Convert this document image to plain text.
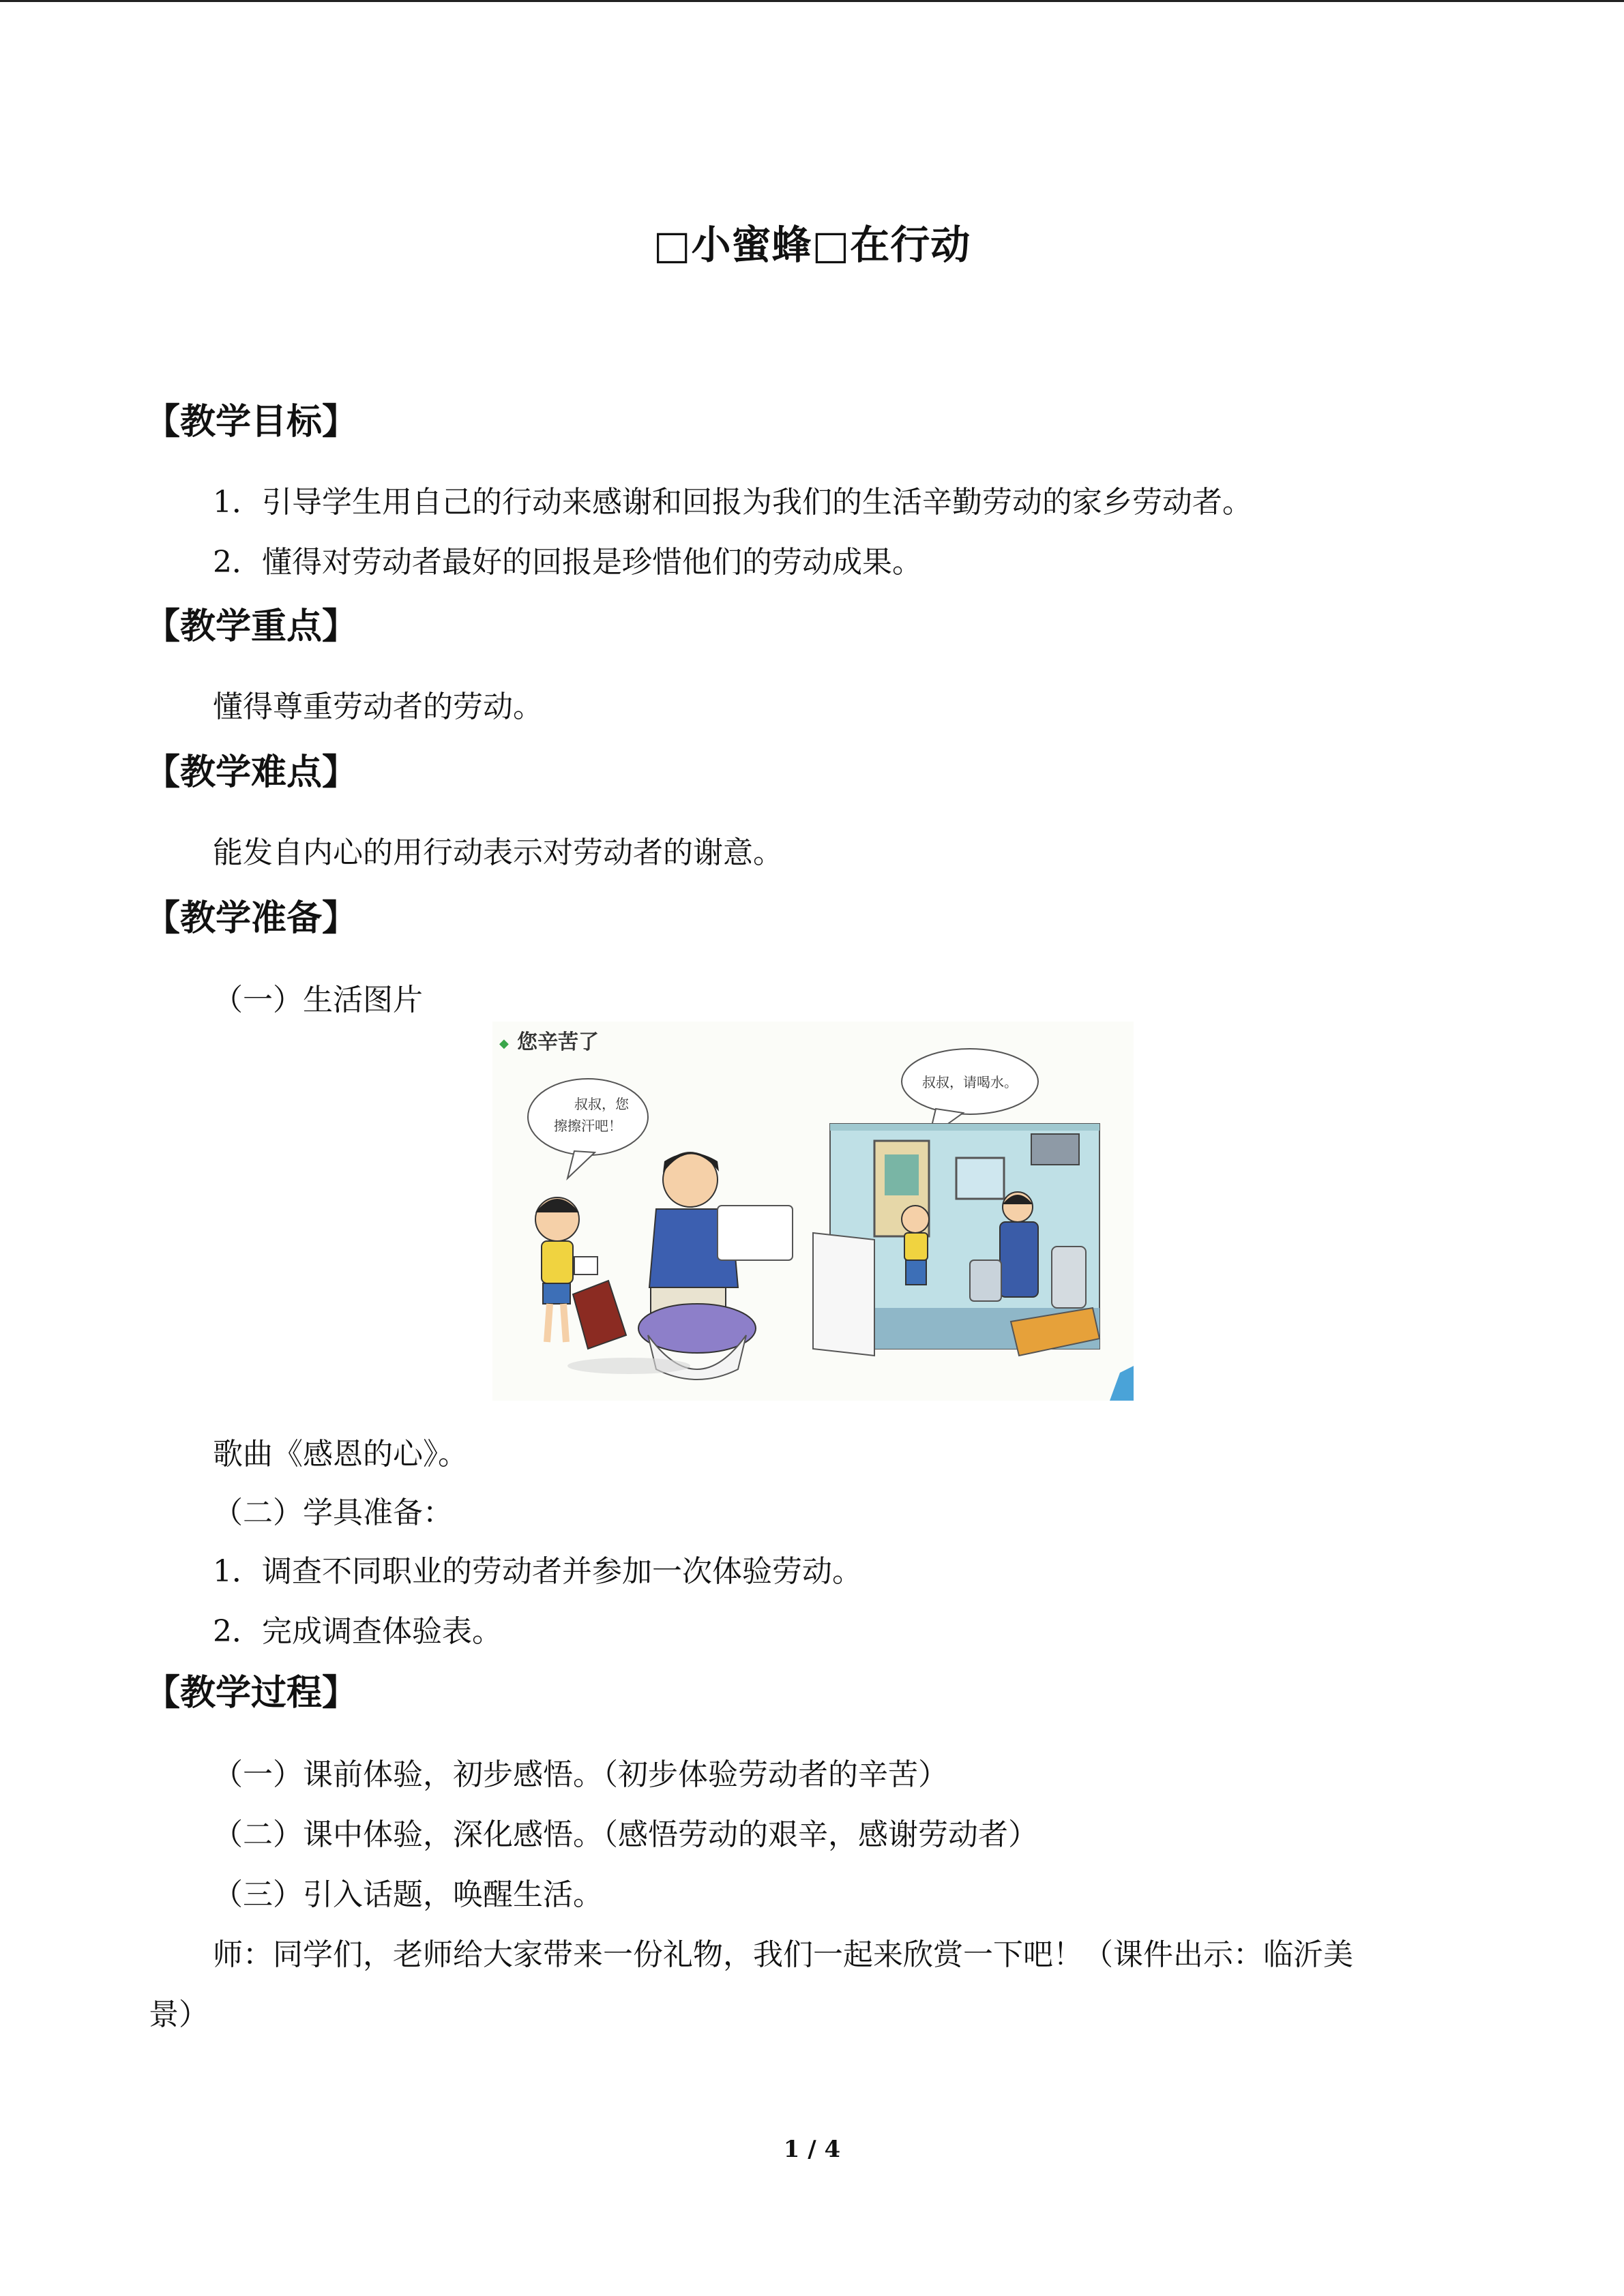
□小蜜蜂□在行动
【教学目标】
1．引导学生用自己的行动来感谢和回报为我们的生活辛勤劳动的家乡劳动者。
2．懂得对劳动者最好的回报是珍惜他们的劳动成果。
【教学重点】
懂得尊重劳动者的劳动。
【教学难点】
能发自内心的用行动表示对劳动者的谢意。
【教学准备】
（一）生活图片
◆ 您辛苦了
叔叔，您
擦擦汗吧！
叔叔，请喝水。
歌曲《感恩的心》。
（二）学具准备：
1．调查不同职业的劳动者并参加一次体验劳动。
2．完成调查体验表。
【教学过程】
（一）课前体验，初步感悟。（初步体验劳动者的辛苦）
（二）课中体验，深化感悟。（感悟劳动的艰辛，感谢劳动者）
（三）引入话题，唤醒生活。
师：同学们，老师给大家带来一份礼物，我们一起来欣赏一下吧！（课件出示：临沂美
景）
1 / 4
